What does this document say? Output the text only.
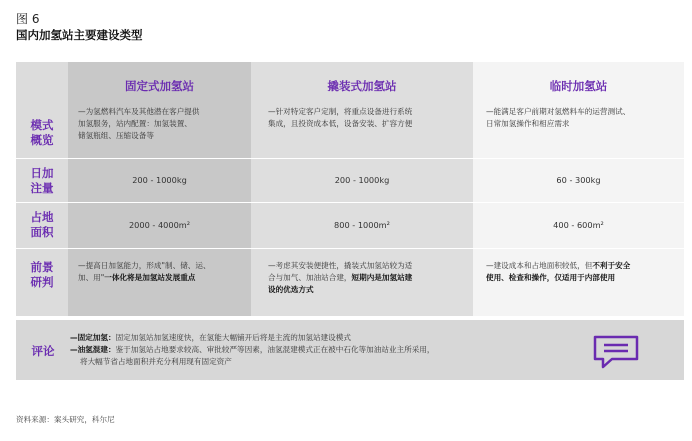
图 6
国内加氢站主要建设类型
固定式加氢站	撬装式加氢站	临时加氢站
模式
概览
—为氢燃料汽车及其他潜在客户提供
加氢服务，站内配置：加氢装置、
储氢瓶组、压缩设备等
—针对特定客户定制，将重点设备进行系统
集成，且投资成本低，设备安装、扩容方便
—能满足客户前期对氢燃料车的运营测试、
日常加氢操作和相应需求
日加
注量
200 - 1000kg	200 - 1000kg	60 - 300kg
占地
面积	2000 - 4000m²	800 - 1000m²	400 - 600m²
前景
研判
—提高日加氢能力，形成"制、储、运、
加、用"一体化将是加氢站发展重点
—考虑其安装便捷性，撬装式加氢站较为适
合与加气、加油站合建，短期内是加氢站建
设的优选方式
—建设成本和占地面积较低，但不利于安全
使用、检查和操作，仅适用于内部使用
评论
—固定加氢：固定加氢站加氢速度快，在氢能大幅铺开后将是主流的加氢站建设模式
—油氢混建：鉴于加氢站占地要求较高、审批较严等因素，油氢混建模式正在被中石化等加油站业主所采用，
将大幅节省占地面积并充分利用现有固定资产
资料来源：案头研究，科尔尼
